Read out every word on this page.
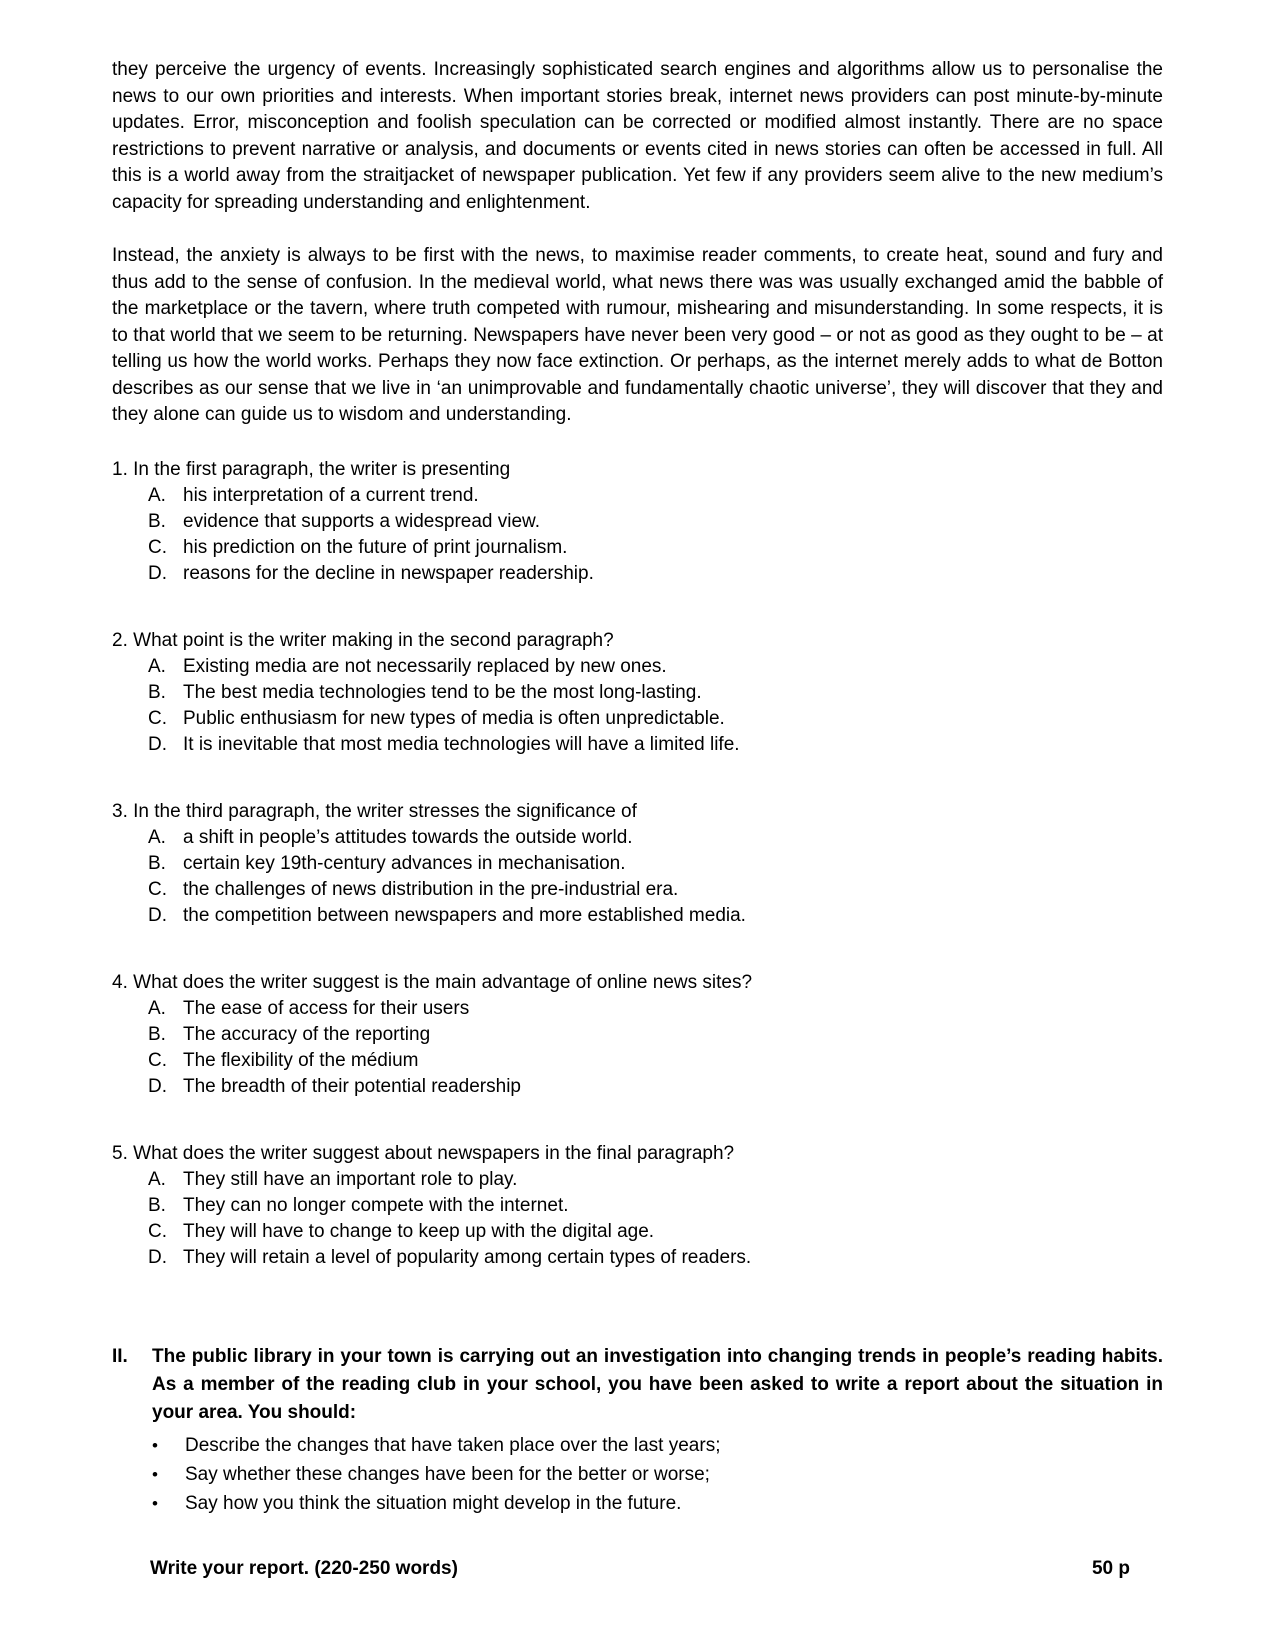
they perceive the urgency of events. Increasingly sophisticated search engines and algorithms allow us to personalise the news to our own priorities and interests. When important stories break, internet news providers can post minute-by-minute updates. Error, misconception and foolish speculation can be corrected or modified almost instantly. There are no space restrictions to prevent narrative or analysis, and documents or events cited in news stories can often be accessed in full. All this is a world away from the straitjacket of newspaper publication. Yet few if any providers seem alive to the new medium’s capacity for spreading understanding and enlightenment.

Instead, the anxiety is always to be first with the news, to maximise reader comments, to create heat, sound and fury and thus add to the sense of confusion. In the medieval world, what news there was was usually exchanged amid the babble of the marketplace or the tavern, where truth competed with rumour, mishearing and misunderstanding. In some respects, it is to that world that we seem to be returning. Newspapers have never been very good – or not as good as they ought to be – at telling us how the world works. Perhaps they now face extinction. Or perhaps, as the internet merely adds to what de Botton describes as our sense that we live in ‘an unimprovable and fundamentally chaotic universe’, they will discover that they and they alone can guide us to wisdom and understanding.

1. In the first paragraph, the writer is presenting

A. his interpretation of a current trend.
B. evidence that supports a widespread view.
C. his prediction on the future of print journalism.
D. reasons for the decline in newspaper readership.

2. What point is the writer making in the second paragraph?

A. Existing media are not necessarily replaced by new ones.
B. The best media technologies tend to be the most long-lasting.
C. Public enthusiasm for new types of media is often unpredictable.
D. It is inevitable that most media technologies will have a limited life.

3. In the third paragraph, the writer stresses the significance of

A. a shift in people’s attitudes towards the outside world.
B. certain key 19th-century advances in mechanisation.
C. the challenges of news distribution in the pre-industrial era.
D. the competition between newspapers and more established media.

4. What does the writer suggest is the main advantage of online news sites?

A. The ease of access for their users
B. The accuracy of the reporting
C. The flexibility of the médium
D. The breadth of their potential readership

5. What does the writer suggest about newspapers in the final paragraph?

A. They still have an important role to play.
B. They can no longer compete with the internet.
C. They will have to change to keep up with the digital age.
D. They will retain a level of popularity among certain types of readers.
II.	The public library in your town is carrying out an investigation into changing trends in people’s reading habits. As a member of the reading club in your school, you have been asked to write a report about the situation in your area. You should:
•	Describe the changes that have taken place over the last years;
•	Say whether these changes have been for the better or worse;
•	Say how you think the situation might develop in the future.
Write your report. (220-250 words)	50 p
